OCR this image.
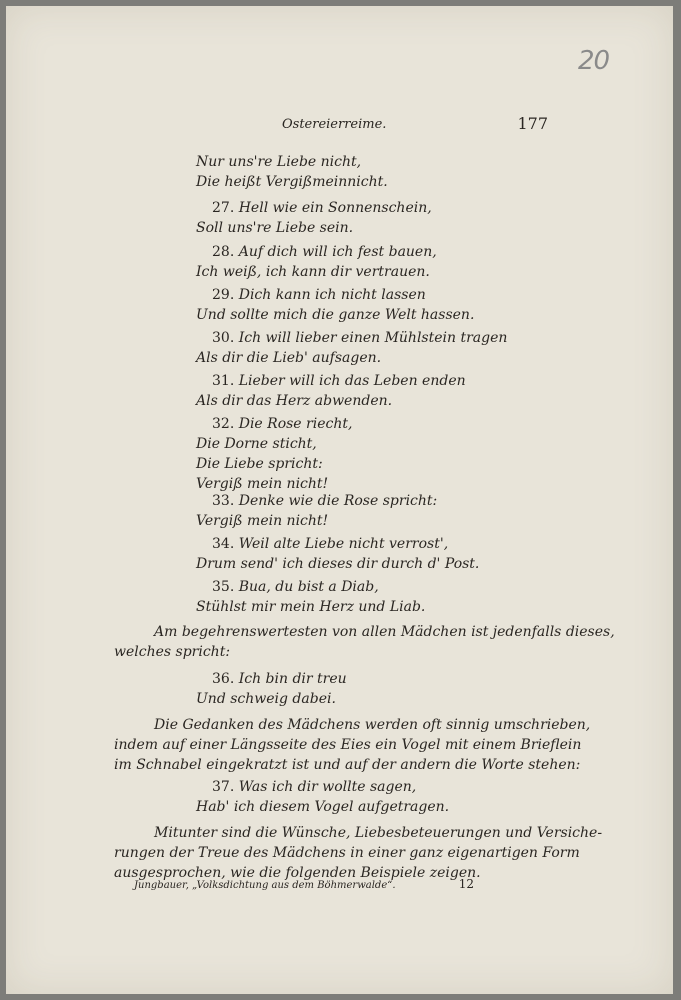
20
Ostereierreime.	177
Nur uns're Liebe nicht,
Die heißt Vergißmeinnicht.
27. Hell wie ein Sonnenschein,
Soll uns're Liebe sein.
28. Auf dich will ich fest bauen,
Ich weiß, ich kann dir vertrauen.
29. Dich kann ich nicht lassen
Und sollte mich die ganze Welt hassen.
30. Ich will lieber einen Mühlstein tragen
Als dir die Lieb' aufsagen.
31. Lieber will ich das Leben enden
Als dir das Herz abwenden.
32. Die Rose riecht,
Die Dorne sticht,
Die Liebe spricht:
Vergiß mein nicht!
33. Denke wie die Rose spricht:
Vergiß mein nicht!
34. Weil alte Liebe nicht verrost',
Drum send' ich dieses dir durch d' Post.
35. Bua, du bist a Diab,
Stühlst mir mein Herz und Liab.
Am begehrenswertesten von allen Mädchen ist jedenfalls dieses,
welches spricht:
36. Ich bin dir treu
Und schweig dabei.
Die Gedanken des Mädchens werden oft sinnig umschrieben,
indem auf einer Längsseite des Eies ein Vogel mit einem Brieflein
im Schnabel eingekratzt ist und auf der andern die Worte stehen:
37. Was ich dir wollte sagen,
Hab' ich diesem Vogel aufgetragen.
Mitunter sind die Wünsche, Liebesbeteuerungen und Versiche-
rungen der Treue des Mädchens in einer ganz eigenartigen Form
ausgesprochen, wie die folgenden Beispiele zeigen.
Jungbauer, „Volksdichtung aus dem Böhmerwalde“.	12
